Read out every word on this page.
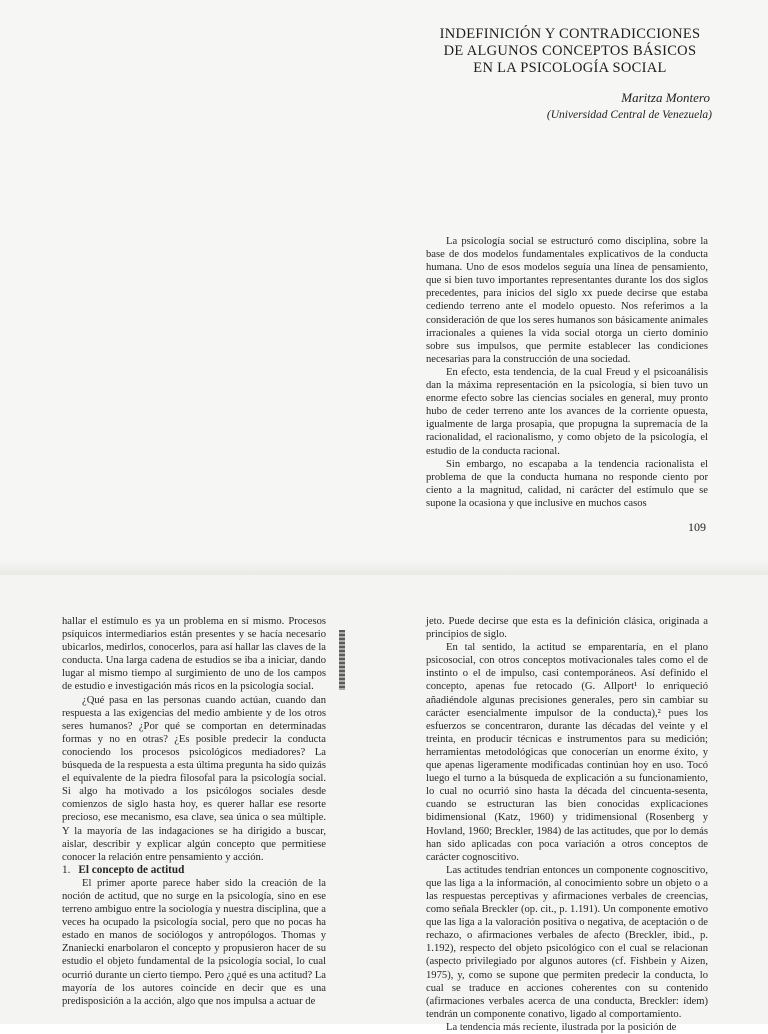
INDEFINICIÓN Y CONTRADICCIONES
DE ALGUNOS CONCEPTOS BÁSICOS
EN LA PSICOLOGÍA SOCIAL
Maritza Montero
(Universidad Central de Venezuela)

La psicología social se estructuró como disciplina, sobre la base de dos modelos fundamentales explicativos de la conducta humana. Uno de esos modelos seguía una línea de pensamiento, que si bien tuvo importantes representantes durante los dos siglos precedentes, para inicios del siglo xx puede decirse que estaba cediendo terreno ante el modelo opuesto. Nos referimos a la consideración de que los seres humanos son básicamente animales irracionales a quienes la vida social otorga un cierto dominio sobre sus impulsos, que permite establecer las condiciones necesarias para la construcción de una sociedad.

En efecto, esta tendencia, de la cual Freud y el psicoanálisis dan la máxima representación en la psicología, si bien tuvo un enorme efecto sobre las ciencias sociales en general, muy pronto hubo de ceder terreno ante los avances de la corriente opuesta, igualmente de larga prosapia, que propugna la supremacía de la racionalidad, el racionalismo, y como objeto de la psicología, el estudio de la conducta racional.

Sin embargo, no escapaba a la tendencia racionalista el problema de que la conducta humana no responde ciento por ciento a la magnitud, calidad, ni carácter del estímulo que se supone la ocasiona y que inclusive en muchos casos

109

hallar el estímulo es ya un problema en sí mismo. Procesos psíquicos intermediarios están presentes y se hacía necesario ubicarlos, medirlos, conocerlos, para así hallar las claves de la conducta. Una larga cadena de estudios se iba a iniciar, dando lugar al mismo tiempo al surgimiento de uno de los campos de estudio e investigación más ricos en la psicología social.

¿Qué pasa en las personas cuando actúan, cuando dan respuesta a las exigencias del medio ambiente y de los otros seres humanos? ¿Por qué se comportan en determinadas formas y no en otras? ¿Es posible predecir la conducta conociendo los procesos psicológicos mediadores? La búsqueda de la respuesta a esta última pregunta ha sido quizás el equivalente de la piedra filosofal para la psicología social. Si algo ha motivado a los psicólogos sociales desde comienzos de siglo hasta hoy, es querer hallar ese resorte precioso, ese mecanismo, esa clave, sea única o sea múltiple. Y la mayoría de las indagaciones se ha dirigido a buscar, aislar, describir y explicar algún concepto que permitiese conocer la relación entre pensamiento y acción.

1. El concepto de actitud

El primer aporte parece haber sido la creación de la noción de actitud, que no surge en la psicología, sino en ese terreno ambiguo entre la sociología y nuestra disciplina, que a veces ha ocupado la psicología social, pero que no pocas ha estado en manos de sociólogos y antropólogos. Thomas y Znaniecki enarbolaron el concepto y propusieron hacer de su estudio el objeto fundamental de la psicología social, lo cual ocurrió durante un cierto tiempo. Pero ¿qué es una actitud? La mayoría de los autores coincide en decir que es una predisposición a la acción, algo que nos impulsa a actuar de

jeto. Puede decirse que esta es la definición clásica, originada a principios de siglo.

En tal sentido, la actitud se emparentaría, en el plano psicosocial, con otros conceptos motivacionales tales como el de instinto o el de impulso, casi contemporáneos. Así definido el concepto, apenas fue retocado (G. Allport¹ lo enriqueció añadiéndole algunas precisiones generales, pero sin cambiar su carácter esencialmente impulsor de la conducta),² pues los esfuerzos se concentraron, durante las décadas del veinte y el treinta, en producir técnicas e instrumentos para su medición; herramientas metodológicas que conocerían un enorme éxito, y que apenas ligeramente modificadas continúan hoy en uso. Tocó luego el turno a la búsqueda de explicación a su funcionamiento, lo cual no ocurrió sino hasta la década del cincuenta-sesenta, cuando se estructuran las bien conocidas explicaciones bidimensional (Katz, 1960) y tridimensional (Rosenberg y Hovland, 1960; Breckler, 1984) de las actitudes, que por lo demás han sido aplicadas con poca variación a otros conceptos de carácter cognoscitivo.

Las actitudes tendrían entonces un componente cognoscitivo, que las liga a la información, al conocimiento sobre un objeto o a las respuestas perceptivas y afirmaciones verbales de creencias, como señala Breckler (op. cit., p. 1.191). Un componente emotivo que las liga a la valoración positiva o negativa, de aceptación o de rechazo, o afirmaciones verbales de afecto (Breckler, ibid., p. 1.192), respecto del objeto psicológico con el cual se relacionan (aspecto privilegiado por algunos autores (cf. Fishbein y Aizen, 1975), y, como se supone que permiten predecir la conducta, lo cual se traduce en acciones coherentes con su contenido (afirmaciones verbales acerca de una conducta, Breckler: ídem) tendrán un componente conativo, ligado al comportamiento.

La tendencia más reciente, ilustrada por la posición de
